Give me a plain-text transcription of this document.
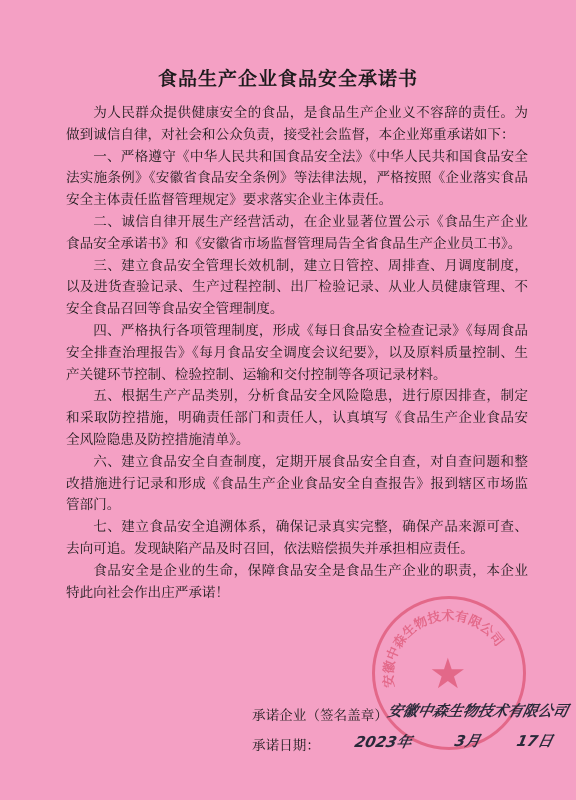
食品生产企业食品安全承诺书

为人民群众提供健康安全的食品，是食品生产企业义不容辞的责任。为做到诚信自律，对社会和公众负责，接受社会监督，本企业郑重承诺如下：

一、严格遵守《中华人民共和国食品安全法》《中华人民共和国食品安全法实施条例》《安徽省食品安全条例》等法律法规，严格按照《企业落实食品安全主体责任监督管理规定》要求落实企业主体责任。

二、诚信自律开展生产经营活动，在企业显著位置公示《食品生产企业食品安全承诺书》和《安徽省市场监督管理局告全省食品生产企业员工书》。

三、建立食品安全管理长效机制，建立日管控、周排查、月调度制度，以及进货查验记录、生产过程控制、出厂检验记录、从业人员健康管理、不安全食品召回等食品安全管理制度。

四、严格执行各项管理制度，形成《每日食品安全检查记录》《每周食品安全排查治理报告》《每月食品安全调度会议纪要》，以及原料质量控制、生产关键环节控制、检验控制、运输和交付控制等各项记录材料。

五、根据生产产品类别，分析食品安全风险隐患，进行原因排查，制定和采取防控措施，明确责任部门和责任人，认真填写《食品生产企业食品安全风险隐患及防控措施清单》。

六、建立食品安全自查制度，定期开展食品安全自查，对自查问题和整改措施进行记录和形成《食品生产企业食品安全自查报告》报到辖区市场监管部门。

七、建立食品安全追溯体系，确保记录真实完整，确保产品来源可查、去向可追。发现缺陷产品及时召回，依法赔偿损失并承担相应责任。

食品安全是企业的生命，保障食品安全是食品生产企业的职责，本企业特此向社会作出庄严承诺！

安徽中森生物技术有限公司
★
承诺企业（签名盖章）
安徽中森生物技术有限公司
承诺日期： 2023年	3月 17日
